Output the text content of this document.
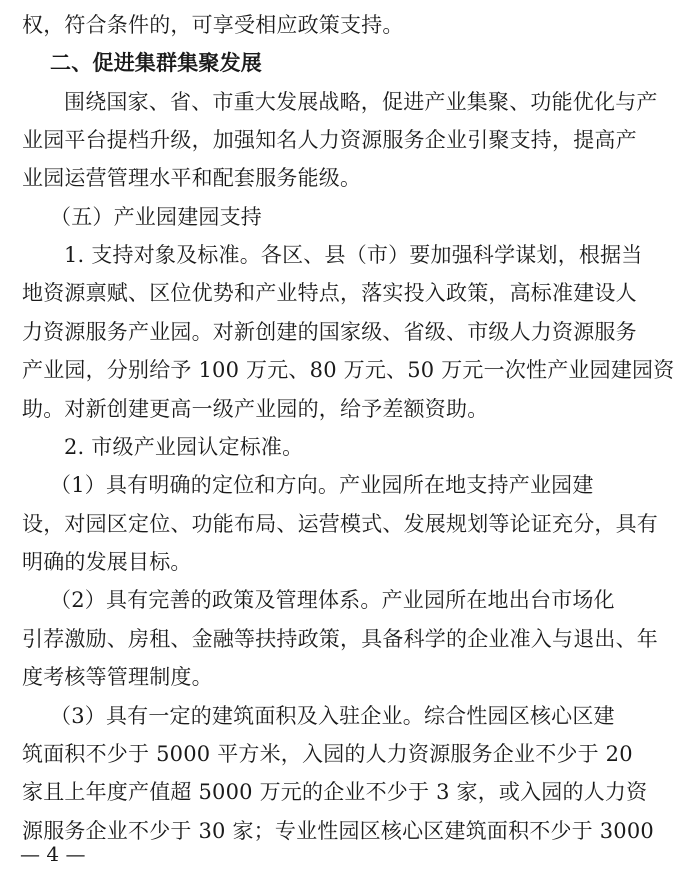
权，符合条件的，可享受相应政策支持。
二、促进集群集聚发展
围绕国家、省、市重大发展战略，促进产业集聚、功能优化与产
业园平台提档升级，加强知名人力资源服务企业引聚支持，提高产
业园运营管理水平和配套服务能级。
（五）产业园建园支持
1. 支持对象及标准。各区、县（市）要加强科学谋划，根据当
地资源禀赋、区位优势和产业特点，落实投入政策，高标准建设人
力资源服务产业园。对新创建的国家级、省级、市级人力资源服务
产业园，分别给予 100 万元、80 万元、50 万元一次性产业园建园资
助。对新创建更高一级产业园的，给予差额资助。
2. 市级产业园认定标准。
（1）具有明确的定位和方向。产业园所在地支持产业园建
设，对园区定位、功能布局、运营模式、发展规划等论证充分，具有
明确的发展目标。
（2）具有完善的政策及管理体系。产业园所在地出台市场化
引荐激励、房租、金融等扶持政策，具备科学的企业准入与退出、年
度考核等管理制度。
（3）具有一定的建筑面积及入驻企业。综合性园区核心区建
筑面积不少于 5000 平方米，入园的人力资源服务企业不少于 20
家且上年度产值超 5000 万元的企业不少于 3 家，或入园的人力资
源服务企业不少于 30 家；专业性园区核心区建筑面积不少于 3000
— 4 —
